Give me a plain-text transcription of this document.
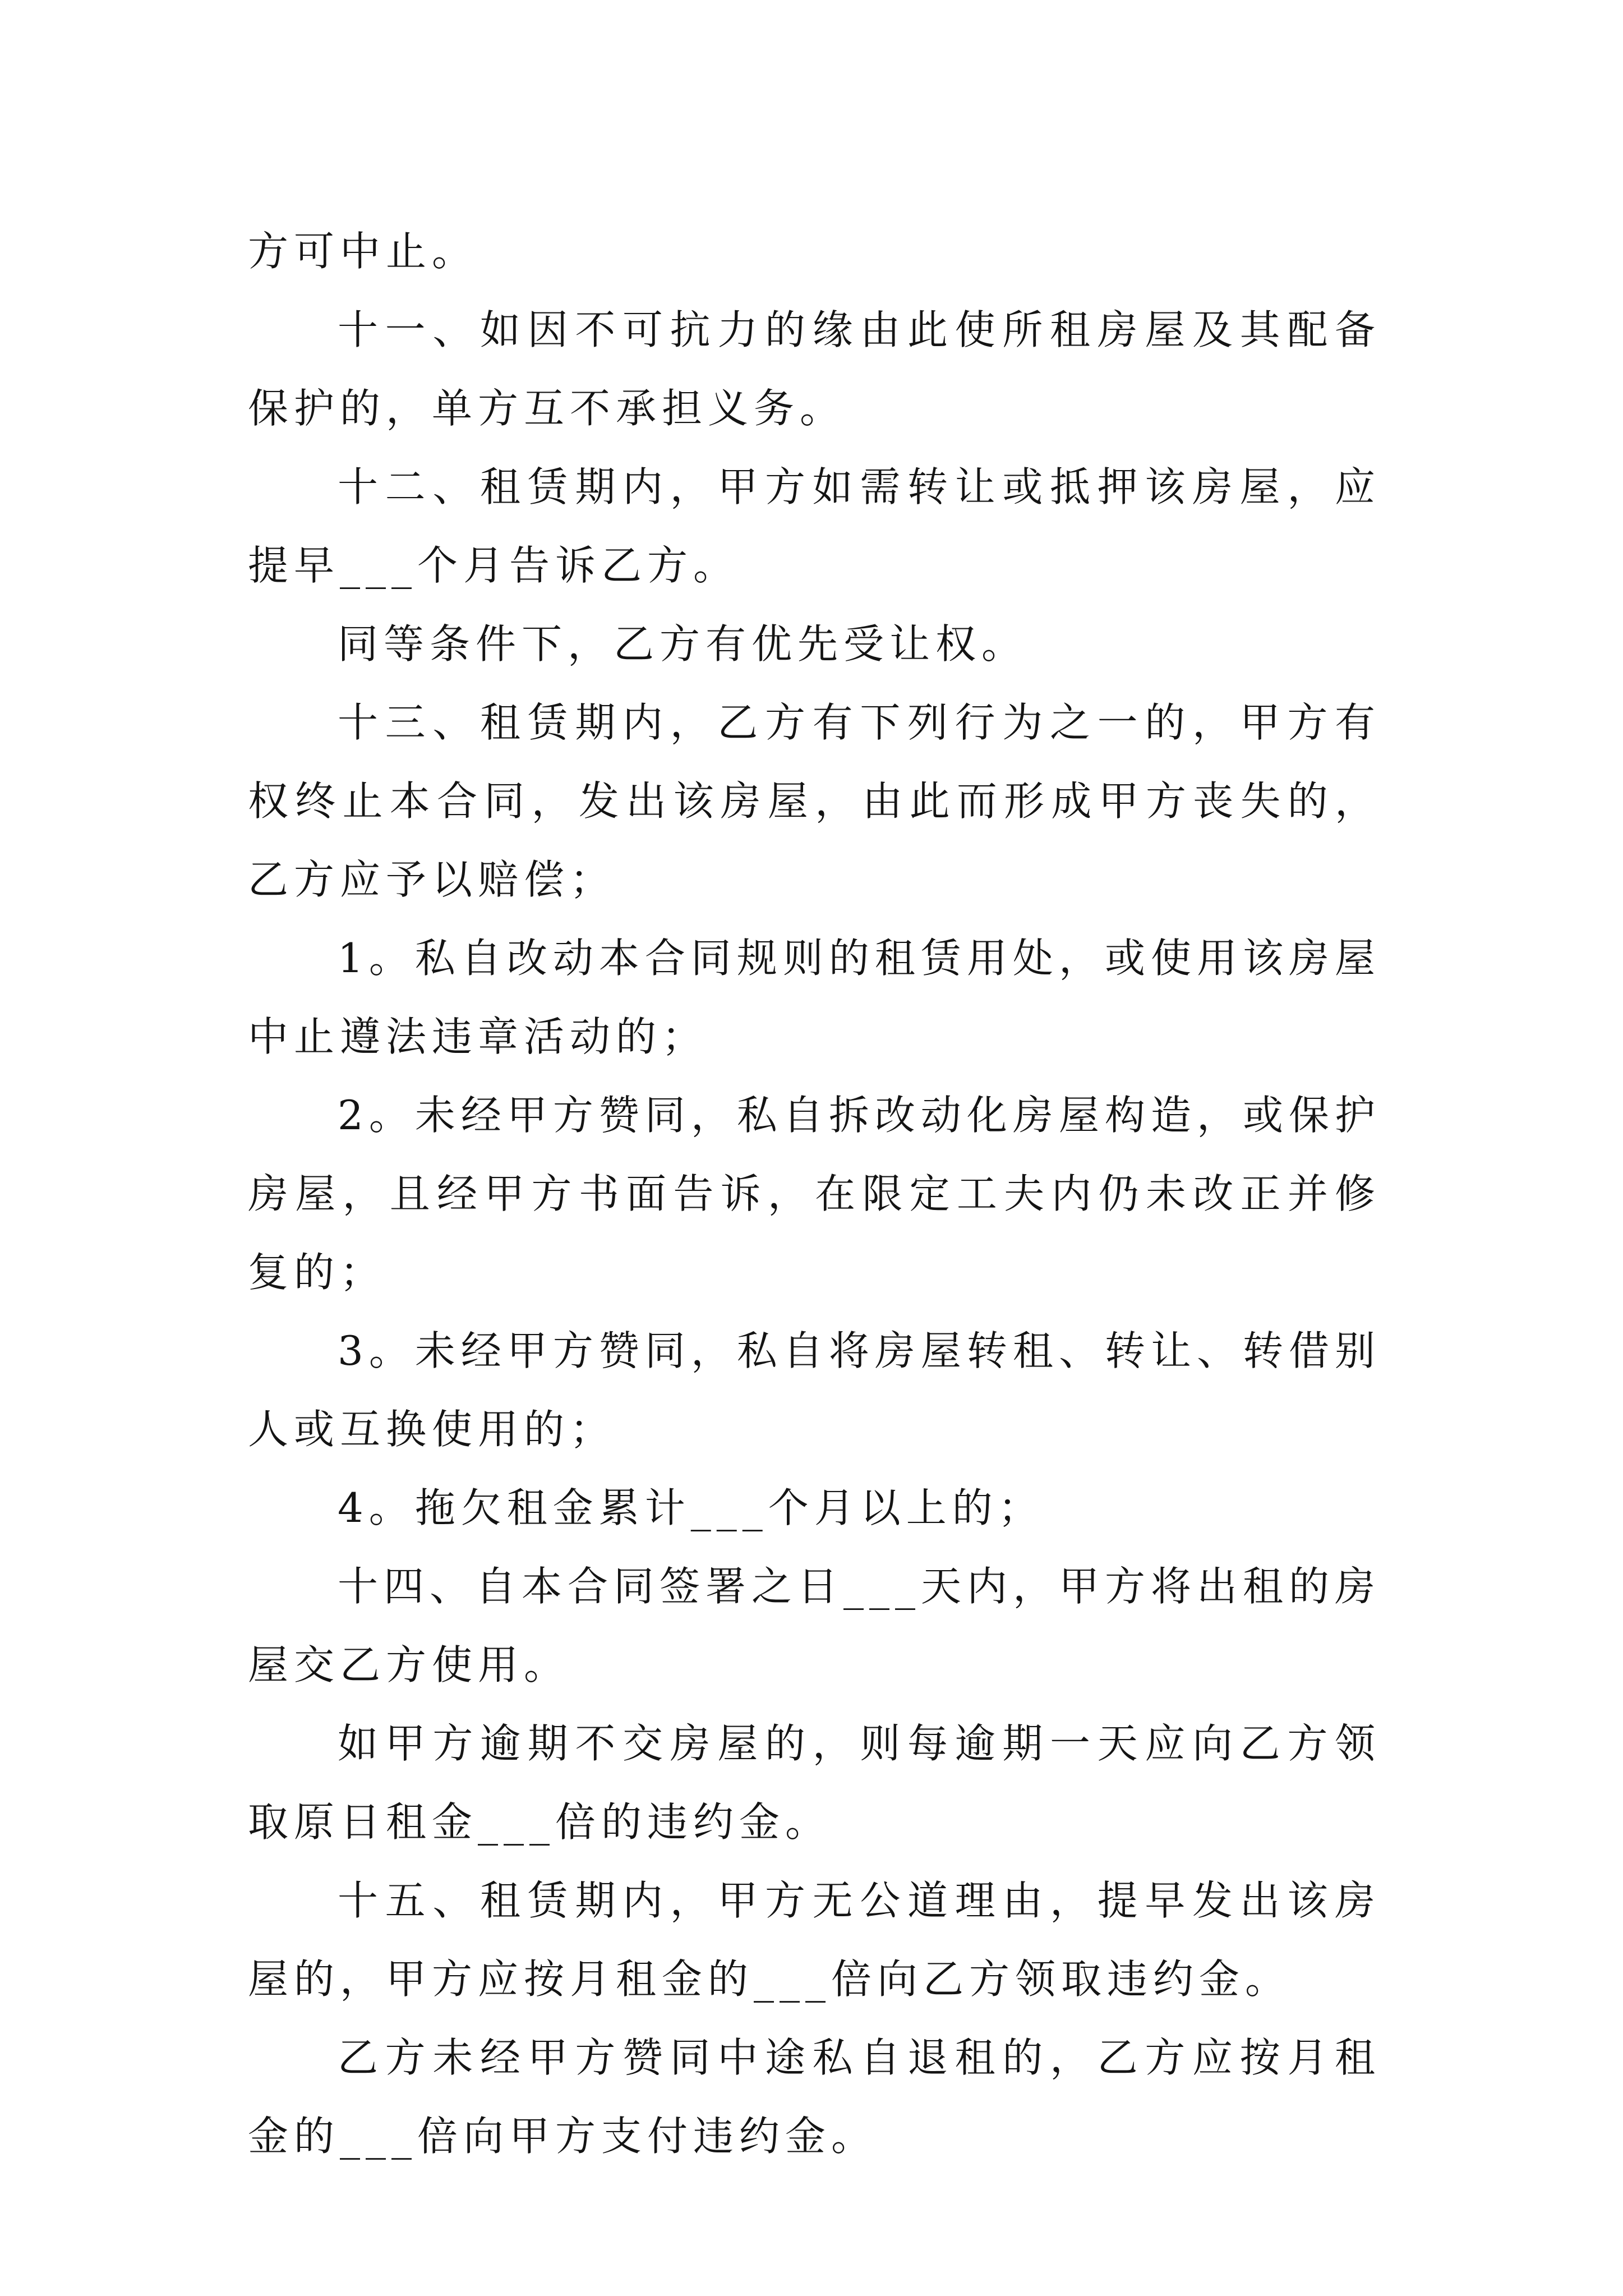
方可中止。

十一、如因不可抗力的缘由此使所租房屋及其配备保护的，单方互不承担义务。

十二、租赁期内，甲方如需转让或抵押该房屋，应提早___个月告诉乙方。

同等条件下，乙方有优先受让权。

十三、租赁期内，乙方有下列行为之一的，甲方有权终止本合同，发出该房屋，由此而形成甲方丧失的，乙方应予以赔偿；

1。私自改动本合同规则的租赁用处，或使用该房屋中止遵法违章活动的；

2。未经甲方赞同，私自拆改动化房屋构造，或保护房屋，且经甲方书面告诉，在限定工夫内仍未改正并修复的；

3。未经甲方赞同，私自将房屋转租、转让、转借别人或互换使用的；

4。拖欠租金累计___个月以上的；

十四、自本合同签署之日___天内，甲方将出租的房屋交乙方使用。

如甲方逾期不交房屋的，则每逾期一天应向乙方领取原日租金___倍的违约金。

十五、租赁期内，甲方无公道理由，提早发出该房屋的，甲方应按月租金的___倍向乙方领取违约金。

乙方未经甲方赞同中途私自退租的，乙方应按月租金的___倍向甲方支付违约金。
